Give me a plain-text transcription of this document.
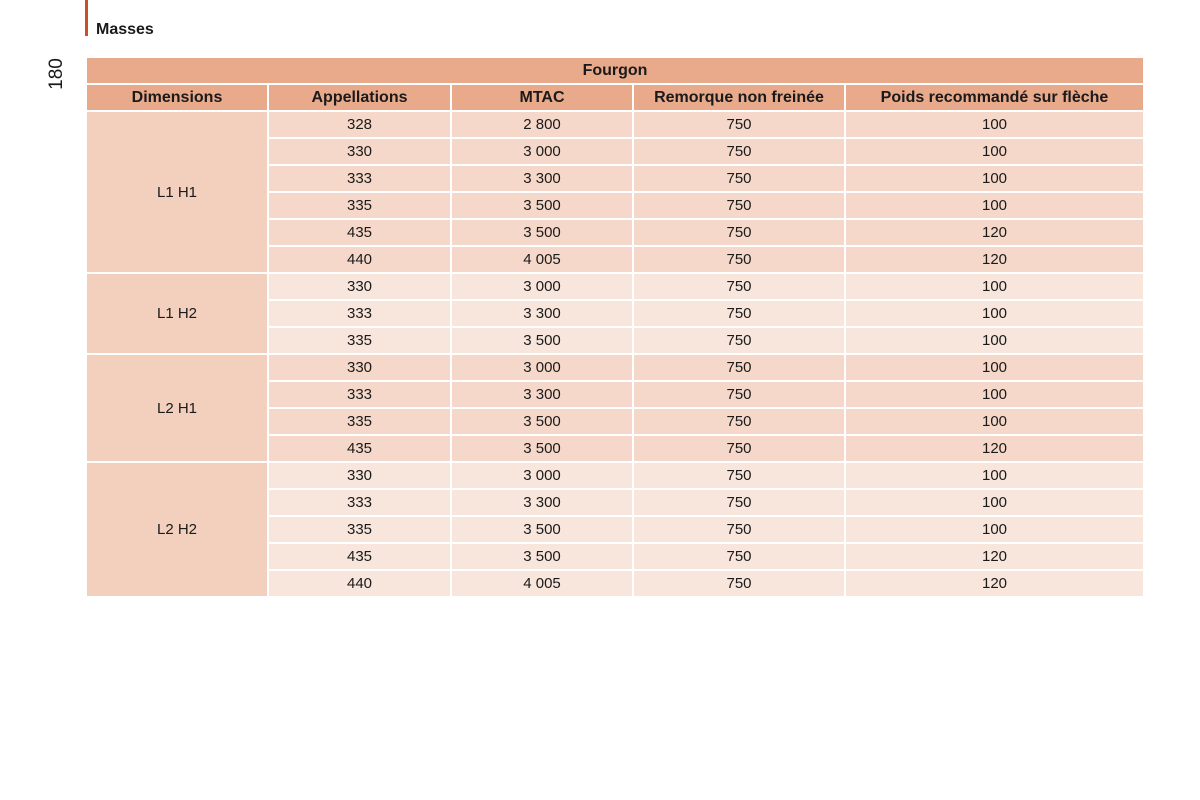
Masses
180	Fourgon				
Dimensions	Appellations	MTAC	Remorque non freinée	Poids recommandé sur flèche
L1 H1	328	2 800	750	100
	330	3 000	750	100
	333	3 300	750	100
	335	3 500	750	100
	435	3 500	750	120
	440	4 005	750	120
L1 H2	330	3 000	750	100
	333	3 300	750	100
	335	3 500	750	100
L2 H1	330	3 000	750	100
	333	3 300	750	100
	335	3 500	750	100
	435	3 500	750	120
L2 H2	330	3 000	750	100
	333	3 300	750	100
	335	3 500	750	100
	435	3 500	750	120
	440	4 005	750	120
